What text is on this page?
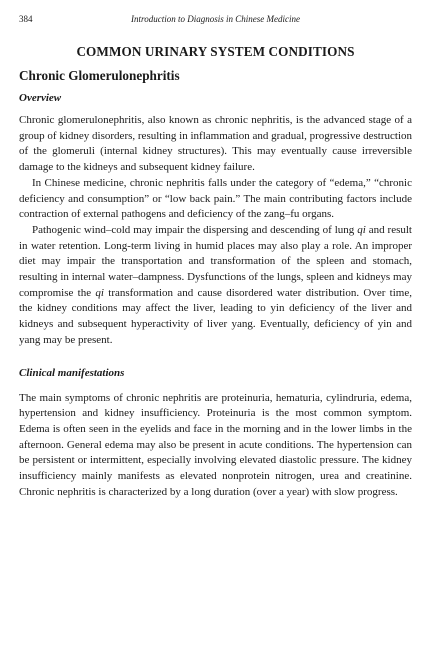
384	Introduction to Diagnosis in Chinese Medicine
COMMON URINARY SYSTEM CONDITIONS
Chronic Glomerulonephritis
Overview

Chronic glomerulonephritis, also known as chronic nephritis, is the advanced stage of a group of kidney disorders, resulting in inflammation and gradual, progressive destruction of the glomeruli (internal kidney structures). This may eventually cause irreversible damage to the kidneys and subsequent kidney failure.

In Chinese medicine, chronic nephritis falls under the category of “edema,” “chronic deficiency and consumption” or “low back pain.” The main contributing factors include contraction of external pathogens and deficiency of the zang–fu organs.

Pathogenic wind–cold may impair the dispersing and descending of lung qi and result in water retention. Long-term living in humid places may also play a role. An improper diet may impair the transportation and transformation of the spleen and stomach, resulting in internal water–dampness. Dysfunctions of the lungs, spleen and kidneys may compromise the qi transformation and cause disordered water distribution. Over time, the kidney conditions may affect the liver, leading to yin deficiency of the liver and kidneys and subsequent hyperactivity of liver yang. Eventually, deficiency of yin and yang may be present.

Clinical manifestations

The main symptoms of chronic nephritis are proteinuria, hematuria, cylindruria, edema, hypertension and kidney insufficiency. Proteinuria is the most common symptom. Edema is often seen in the eyelids and face in the morning and in the lower limbs in the afternoon. General edema may also be present in acute conditions. The hypertension can be persistent or intermittent, especially involving elevated diastolic pressure. The kidney insufficiency mainly manifests as elevated nonprotein nitrogen, urea and creatinine. Chronic nephritis is characterized by a long duration (over a year) with slow progress.
